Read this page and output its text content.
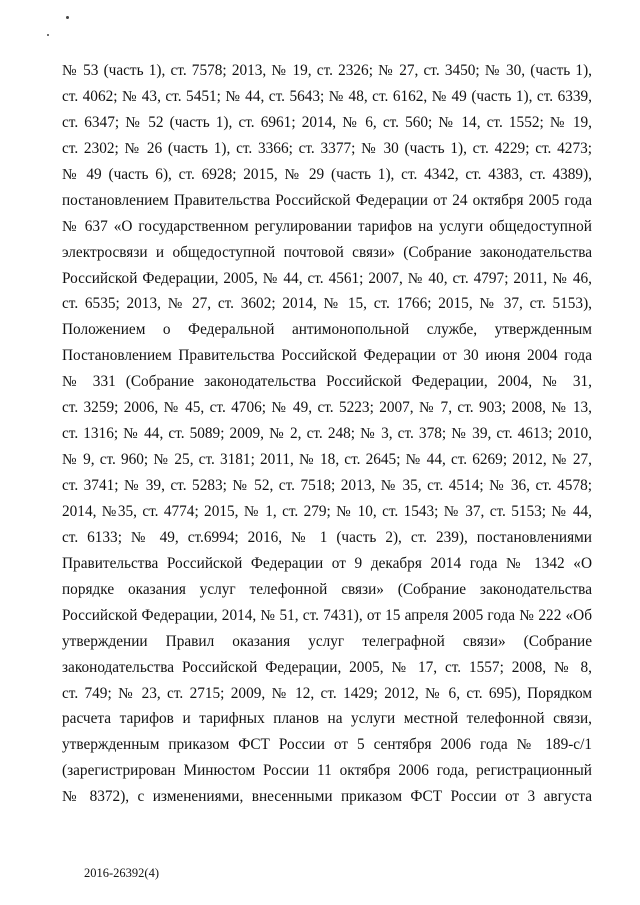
№ 53 (часть 1), ст. 7578; 2013, № 19, ст. 2326; № 27, ст. 3450; № 30, (часть 1),
ст. 4062; № 43, ст. 5451; № 44, ст. 5643; № 48, ст. 6162, № 49 (часть 1), ст. 6339,
ст. 6347; № 52 (часть 1), ст. 6961; 2014, № 6, ст. 560; № 14, ст. 1552; № 19,
ст. 2302; № 26 (часть 1), ст. 3366; ст. 3377; № 30 (часть 1), ст. 4229; ст. 4273;
№ 49 (часть 6), ст. 6928; 2015, № 29 (часть 1), ст. 4342, ст. 4383, ст. 4389),
постановлением Правительства Российской Федерации от 24 октября 2005 года
№ 637 «О государственном регулировании тарифов на услуги общедоступной
электросвязи и общедоступной почтовой связи» (Собрание законодательства
Российской Федерации, 2005, № 44, ст. 4561; 2007, № 40, ст. 4797; 2011, № 46,
ст. 6535; 2013, № 27, ст. 3602; 2014, № 15, ст. 1766; 2015, № 37, ст. 5153),
Положением о Федеральной антимонопольной службе, утвержденным
Постановлением Правительства Российской Федерации от 30 июня 2004 года
№ 331 (Собрание законодательства Российской Федерации, 2004, № 31,
ст. 3259; 2006, № 45, ст. 4706; № 49, ст. 5223; 2007, № 7, ст. 903; 2008, № 13,
ст. 1316; № 44, ст. 5089; 2009, № 2, ст. 248; № 3, ст. 378; № 39, ст. 4613; 2010,
№ 9, ст. 960; № 25, ст. 3181; 2011, № 18, ст. 2645; № 44, ст. 6269; 2012, № 27,
ст. 3741; № 39, ст. 5283; № 52, ст. 7518; 2013, № 35, ст. 4514; № 36, ст. 4578;
2014, №35, ст. 4774; 2015, № 1, ст. 279; № 10, ст. 1543; № 37, ст. 5153; № 44,
ст. 6133; № 49, ст.6994; 2016, № 1 (часть 2), ст. 239), постановлениями
Правительства Российской Федерации от 9 декабря 2014 года № 1342 «О
порядке оказания услуг телефонной связи» (Собрание законодательства
Российской Федерации, 2014, № 51, ст. 7431), от 15 апреля 2005 года № 222 «Об
утверждении Правил оказания услуг телеграфной связи» (Собрание
законодательства Российской Федерации, 2005, № 17, ст. 1557; 2008, № 8,
ст. 749; № 23, ст. 2715; 2009, № 12, ст. 1429; 2012, № 6, ст. 695), Порядком
расчета тарифов и тарифных планов на услуги местной телефонной связи,
утвержденным приказом ФСТ России от 5 сентября 2006 года № 189-с/1
(зарегистрирован Минюстом России 11 октября 2006 года, регистрационный
№ 8372), с изменениями, внесенными приказом ФСТ России от 3 августа
2016-26392(4)
